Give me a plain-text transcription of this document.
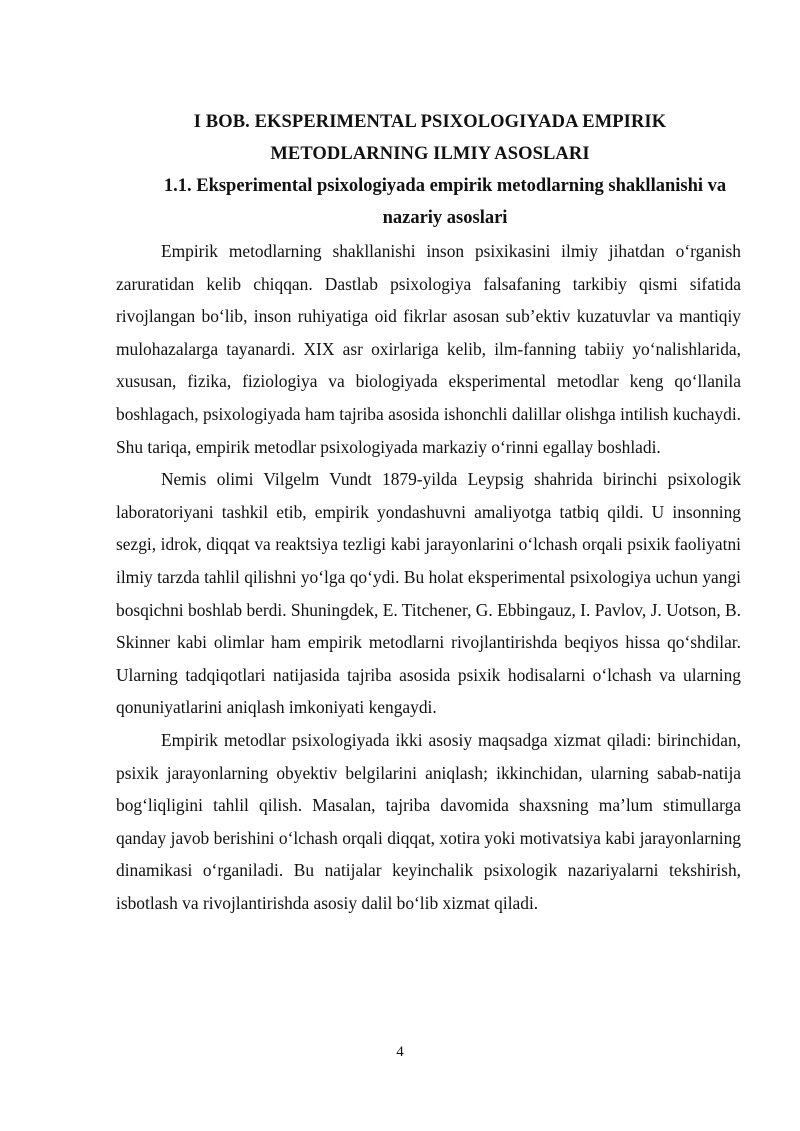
I BOB. EKSPERIMENTAL PSIXOLOGIYADA EMPIRIK
METODLARNING ILMIY ASOSLARI
1.1. Eksperimental psixologiyada empirik metodlarning shakllanishi va
nazariy asoslari

Empirik metodlarning shakllanishi inson psixikasini ilmiy jihatdan o‘rganish zaruratidan kelib chiqqan. Dastlab psixologiya falsafaning tarkibiy qismi sifatida rivojlangan bo‘lib, inson ruhiyatiga oid fikrlar asosan sub’ektiv kuzatuvlar va mantiqiy mulohazalarga tayanardi. XIX asr oxirlariga kelib, ilm-fanning tabiiy yo‘nalishlarida, xususan, fizika, fiziologiya va biologiyada eksperimental metodlar keng qo‘llanila boshlagach, psixologiyada ham tajriba asosida ishonchli dalillar olishga intilish kuchaydi. Shu tariqa, empirik metodlar psixologiyada markaziy o‘rinni egallay boshladi.

Nemis olimi Vilgelm Vundt 1879-yilda Leypsig shahrida birinchi psixologik laboratoriyani tashkil etib, empirik yondashuvni amaliyotga tatbiq qildi. U insonning sezgi, idrok, diqqat va reaktsiya tezligi kabi jarayonlarini o‘lchash orqali psixik faoliyatni ilmiy tarzda tahlil qilishni yo‘lga qo‘ydi. Bu holat eksperimental psixologiya uchun yangi bosqichni boshlab berdi. Shuningdek, E. Titchener, G. Ebbingauz, I. Pavlov, J. Uotson, B. Skinner kabi olimlar ham empirik metodlarni rivojlantirishda beqiyos hissa qo‘shdilar. Ularning tadqiqotlari natijasida tajriba asosida psixik hodisalarni o‘lchash va ularning qonuniyatlarini aniqlash imkoniyati kengaydi.

Empirik metodlar psixologiyada ikki asosiy maqsadga xizmat qiladi: birinchidan, psixik jarayonlarning obyektiv belgilarini aniqlash; ikkinchidan, ularning sabab-natija bog‘liqligini tahlil qilish. Masalan, tajriba davomida shaxsning ma’lum stimullarga qanday javob berishini o‘lchash orqali diqqat, xotira yoki motivatsiya kabi jarayonlarning dinamikasi o‘rganiladi. Bu natijalar keyinchalik psixologik nazariyalarni tekshirish, isbotlash va rivojlantirishda asosiy dalil bo‘lib xizmat qiladi.

4
